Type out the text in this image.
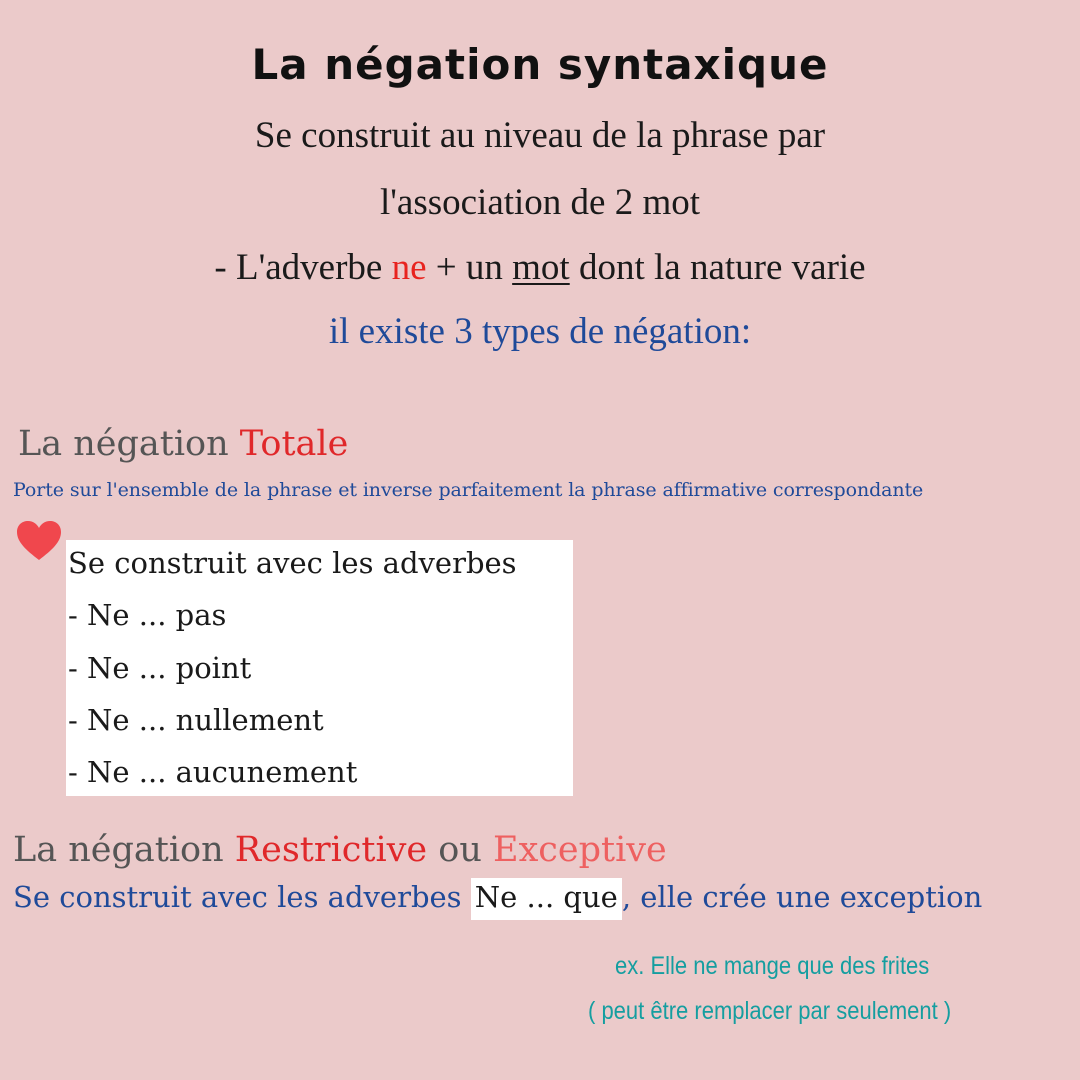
La négation syntaxique
Se construit au niveau de la phrase par
l'association de 2 mot
- L'adverbe ne + un mot dont la nature varie
il existe 3 types de négation:
La négation Totale
Porte sur l'ensemble de la phrase et inverse parfaitement la phrase affirmative correspondante
Se construit avec les adverbes
- Ne ... pas
- Ne ... point
- Ne ... nullement
- Ne ... aucunement
La négation Restrictive ou Exceptive
Se construit avec les adverbes Ne ... que , elle crée une exception
ex. Elle ne mange que des frites
( peut être remplacer par seulement )
